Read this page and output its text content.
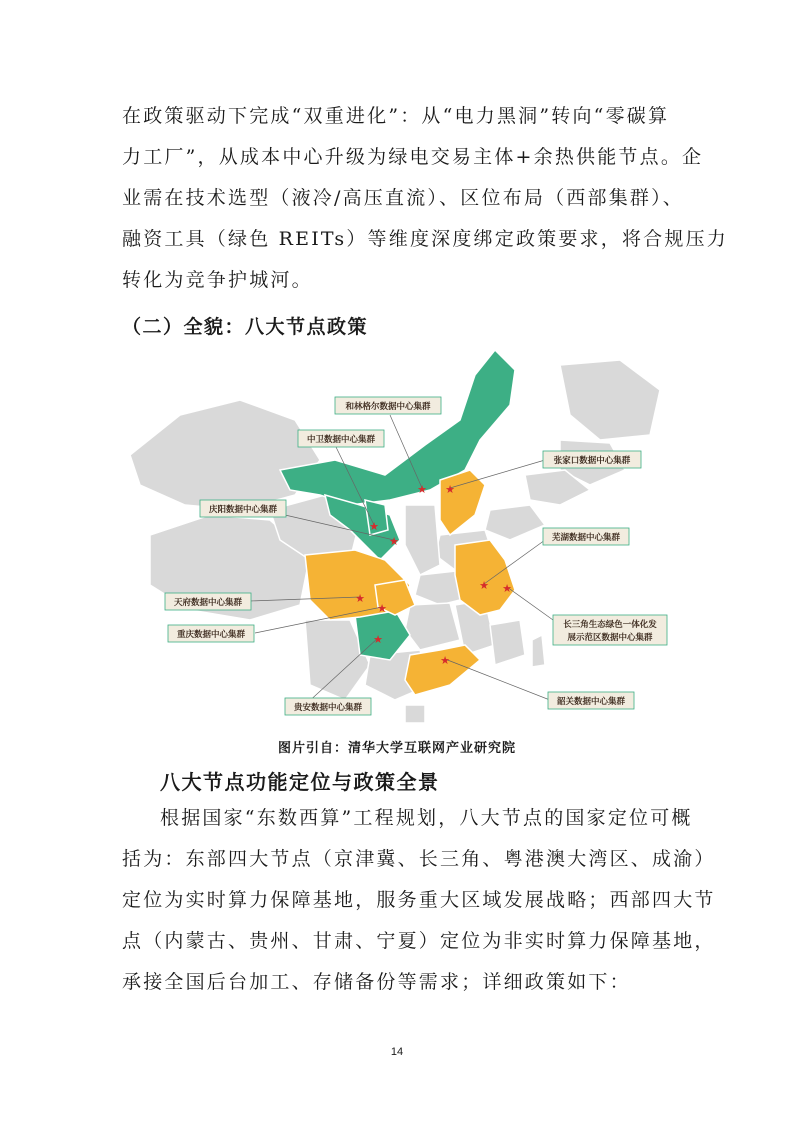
在政策驱动下完成“双重进化”：从“电力黑洞”转向“零碳算
力工厂”，从成本中心升级为绿电交易主体+余热供能节点。企
业需在技术选型（液冷/高压直流）、区位布局（西部集群）、
融资工具（绿色 REITs）等维度深度绑定政策要求，将合规压力
转化为竞争护城河。

（二）全貌：八大节点政策
★
★
★
★
★ ★
★
★
★
★
和林格尔数据中心集群
中卫数据中心集群
庆阳数据中心集群
张家口数据中心集群
芜湖数据中心集群
天府数据中心集群
重庆数据中心集群
长三角生态绿色一体化发
展示范区数据中心集群
贵安数据中心集群
韶关数据中心集群

图片引自：清华大学互联网产业研究院

八大节点功能定位与政策全景

根据国家“东数西算”工程规划，八大节点的国家定位可概
括为：东部四大节点（京津冀、长三角、粤港澳大湾区、成渝）
定位为实时算力保障基地，服务重大区域发展战略；西部四大节
点（内蒙古、贵州、甘肃、宁夏）定位为非实时算力保障基地，
承接全国后台加工、存储备份等需求；详细政策如下：

14
